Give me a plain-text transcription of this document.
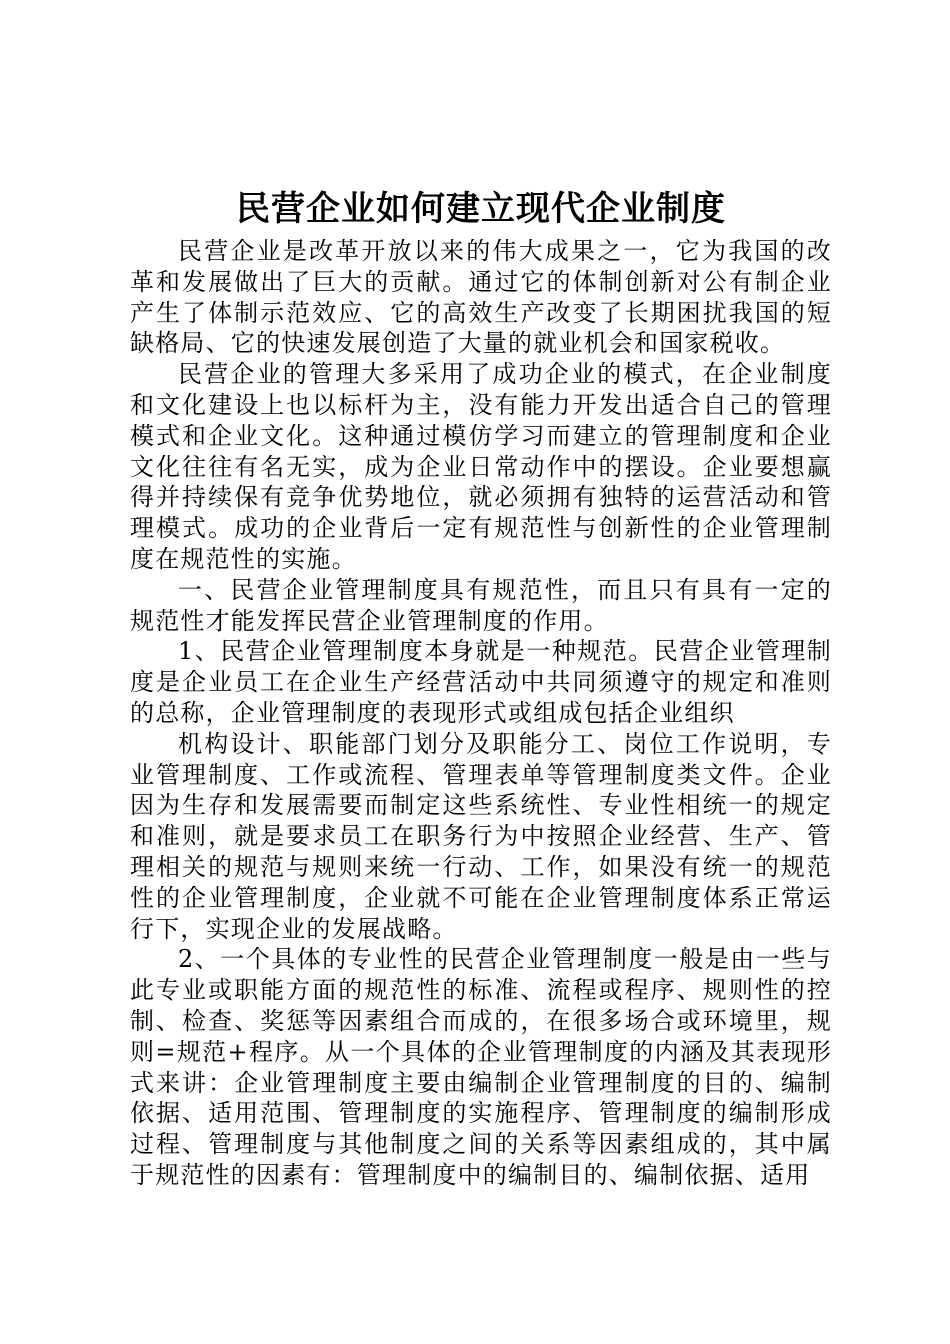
民营企业如何建立现代企业制度

民营企业是改革开放以来的伟大成果之一，它为我国的改革和发展做出了巨大的贡献。通过它的体制创新对公有制企业产生了体制示范效应、它的高效生产改变了长期困扰我国的短缺格局、它的快速发展创造了大量的就业机会和国家税收。

民营企业的管理大多采用了成功企业的模式，在企业制度和文化建设上也以标杆为主，没有能力开发出适合自己的管理模式和企业文化。这种通过模仿学习而建立的管理制度和企业文化往往有名无实，成为企业日常动作中的摆设。企业要想赢得并持续保有竞争优势地位，就必须拥有独特的运营活动和管理模式。成功的企业背后一定有规范性与创新性的企业管理制度在规范性的实施。

一、民营企业管理制度具有规范性，而且只有具有一定的规范性才能发挥民营企业管理制度的作用。

1、民营企业管理制度本身就是一种规范。民营企业管理制度是企业员工在企业生产经营活动中共同须遵守的规定和准则的总称，企业管理制度的表现形式或组成包括企业组织

机构设计、职能部门划分及职能分工、岗位工作说明，专业管理制度、工作或流程、管理表单等管理制度类文件。企业因为生存和发展需要而制定这些系统性、专业性相统一的规定和准则，就是要求员工在职务行为中按照企业经营、生产、管理相关的规范与规则来统一行动、工作，如果没有统一的规范性的企业管理制度，企业就不可能在企业管理制度体系正常运行下，实现企业的发展战略。

2、一个具体的专业性的民营企业管理制度一般是由一些与此专业或职能方面的规范性的标准、流程或程序、规则性的控制、检查、奖惩等因素组合而成的，在很多场合或环境里，规则=规范+程序。从一个具体的企业管理制度的内涵及其表现形式来讲：企业管理制度主要由编制企业管理制度的目的、编制依据、适用范围、管理制度的实施程序、管理制度的编制形成过程、管理制度与其他制度之间的关系等因素组成的，其中属于规范性的因素有：管理制度中的编制目的、编制依据、适用
